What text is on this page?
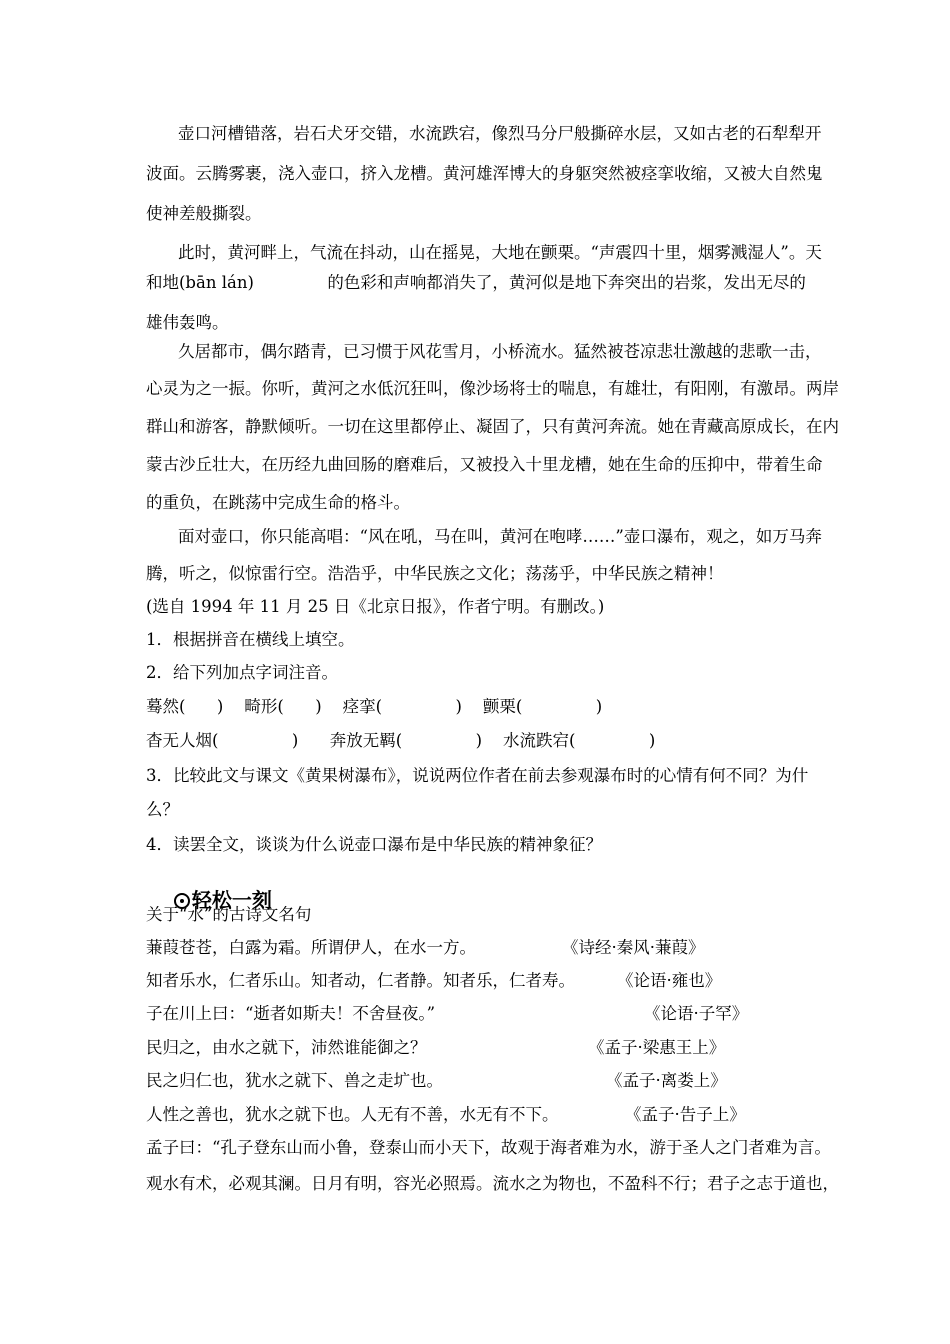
壶口河槽错落，岩石犬牙交错，水流跌宕，像烈马分尸般撕碎水层，又如古老的石犁犁开
波面。云腾雾裹，浇入壶口，挤入龙槽。黄河雄浑博大的身躯突然被痉挛收缩，又被大自然鬼
使神差般撕裂。
此时，黄河畔上，气流在抖动，山在摇晃，大地在颤栗。“声震四十里，烟雾溅湿人”。天
和地(bān lán)              的色彩和声响都消失了，黄河似是地下奔突出的岩浆，发出无尽的
雄伟轰鸣。
久居都市，偶尔踏青，已习惯于风花雪月，小桥流水。猛然被苍凉悲壮激越的悲歌一击，
心灵为之一振。你听，黄河之水低沉狂叫，像沙场将士的喘息，有雄壮，有阳刚，有激昂。两岸
群山和游客，静默倾听。一切在这里都停止、凝固了，只有黄河奔流。她在青藏高原成长，在内
蒙古沙丘壮大，在历经九曲回肠的磨难后，又被投入十里龙槽，她在生命的压抑中，带着生命
的重负，在跳荡中完成生命的格斗。
面对壶口，你只能高唱：“风在吼，马在叫，黄河在咆哮……”壶口瀑布，观之，如万马奔
腾，听之，似惊雷行空。浩浩乎，中华民族之文化；荡荡乎，中华民族之精神！
(选自 1994 年 11 月 25 日《北京日报》，作者宁明。有删改。)
1．根据拼音在横线上填空。
2．给下列加点字词注音。
蓦然(      )    畸形(      )    痉挛(              )    颤栗(              )
杳无人烟(              )      奔放无羁(              )    水流跌宕(              )
3．比较此文与课文《黄果树瀑布》，说说两位作者在前去参观瀑布时的心情有何不同？为什
么？
4．读罢全文，谈谈为什么说壶口瀑布是中华民族的精神象征？

轻松一刻

关于“水”的古诗文名句
蒹葭苍苍，白露为霜。所谓伊人，在水一方。	《诗经·秦风·蒹葭》
知者乐水，仁者乐山。知者动，仁者静。知者乐，仁者寿。	《论语·雍也》
子在川上曰：“逝者如斯夫！不舍昼夜。”	《论语·子罕》
民归之，由水之就下，沛然谁能御之？	《孟子·梁惠王上》
民之归仁也，犹水之就下、兽之走圹也。	《孟子·离娄上》
人性之善也，犹水之就下也。人无有不善，水无有不下。	《孟子·告子上》
孟子曰：“孔子登东山而小鲁，登泰山而小天下，故观于海者难为水，游于圣人之门者难为言。
观水有术，必观其澜。日月有明，容光必照焉。流水之为物也，不盈科不行；君子之志于道也，
